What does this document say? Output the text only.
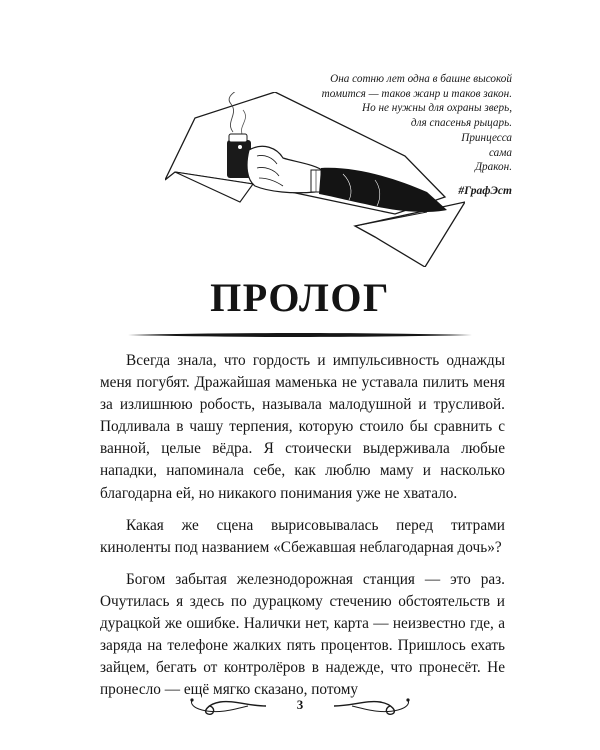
Она сотню лет одна в башне высокой
томится — таков жанр и таков закон.
Но не нужны для охраны зверь,
для спасенья рыцарь.
Принцесса
сама
Дракон.
#ГрафЭст
ПРОЛОГ

Всегда знала, что гордость и импульсивность однажды меня погубят. Дражайшая маменька не уставала пилить меня за излишнюю робость, называла малодушной и трусливой. Подливала в чашу терпения, которую стоило бы сравнить с ванной, целые вёдра. Я стоически выдерживала любые нападки, напоминала себе, как люблю маму и насколько благодарна ей, но никакого понимания уже не хватало.

Какая же сцена вырисовывалась перед титрами киноленты под названием «Сбежавшая неблагодарная дочь»?

Богом забытая железнодорожная станция — это раз. Очутилась я здесь по дурацкому стечению обстоятельств и дурацкой же ошибке. Налички нет, карта — неизвестно где, а заряда на телефоне жалких пять процентов. Пришлось ехать зайцем, бегать от контролёров в надежде, что пронесёт. Не пронесло — ещё мягко сказано, потому

3
